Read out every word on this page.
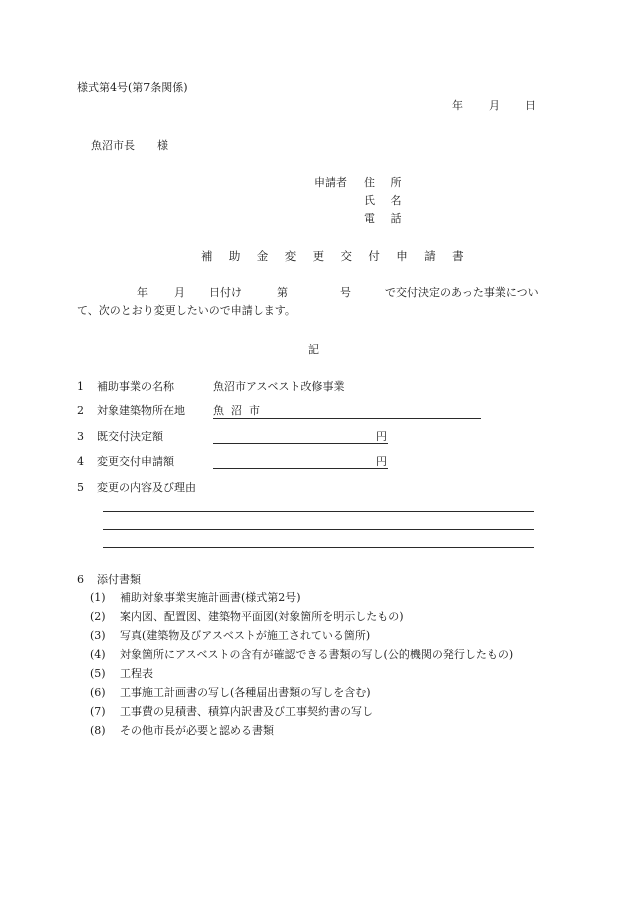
様式第4号(第7条関係)
年 月 日
魚沼市長 様
申請者 住 所
氏 名
電 話
補助金変更交付申請書
年 月 日付け	第	号	で交付決定のあった事業につい
て、次のとおり変更したいので申請します。
記
1 補助事業の名称	魚沼市アスベスト改修事業
2 対象建築物所在地	魚沼市
3 既交付決定額	円
4 変更交付申請額	円
5 変更の内容及び理由
6 添付書類
(1) 補助対象事業実施計画書(様式第2号)
(2) 案内図、配置図、建築物平面図(対象箇所を明示したもの)
(3) 写真(建築物及びアスベストが施工されている箇所)
(4) 対象箇所にアスベストの含有が確認できる書類の写し(公的機関の発行したもの)
(5) 工程表
(6) 工事施工計画書の写し(各種届出書類の写しを含む)
(7) 工事費の見積書、積算内訳書及び工事契約書の写し
(8) その他市長が必要と認める書類
